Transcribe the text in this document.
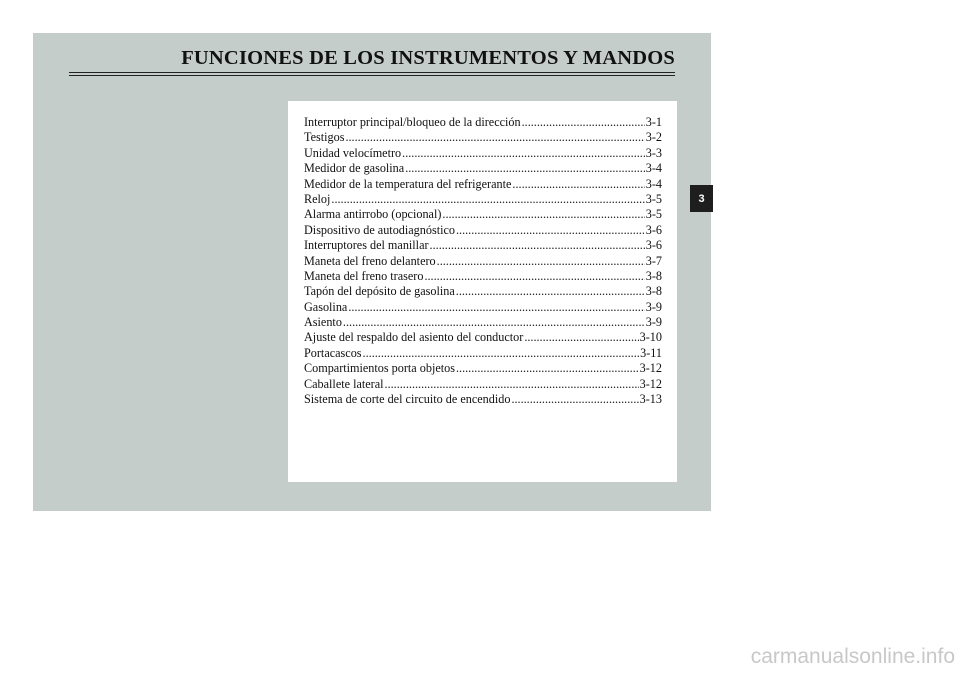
FUNCIONES DE LOS INSTRUMENTOS Y MANDOS
Interruptor principal/bloqueo de la dirección .....	3-1
Testigos .....	3-2
Unidad velocímetro .....	3-3
Medidor de gasolina .....	3-4
Medidor de la temperatura del refrigerante .....	3-4
Reloj .....	3-5
Alarma antirrobo (opcional) .....	3-5
Dispositivo de autodiagnóstico .....	3-6
Interruptores del manillar .....	3-6
Maneta del freno delantero .....	3-7
Maneta del freno trasero .....	3-8
Tapón del depósito de gasolina .....	3-8
Gasolina .....	3-9
Asiento .....	3-9
Ajuste del respaldo del asiento del conductor .....	3-10
Portacascos .....	3-11
Compartimientos porta objetos .....	3-12
Caballete lateral .....	3-12
Sistema de corte del circuito de encendido .....	3-13
3
carmanualsonline.info
